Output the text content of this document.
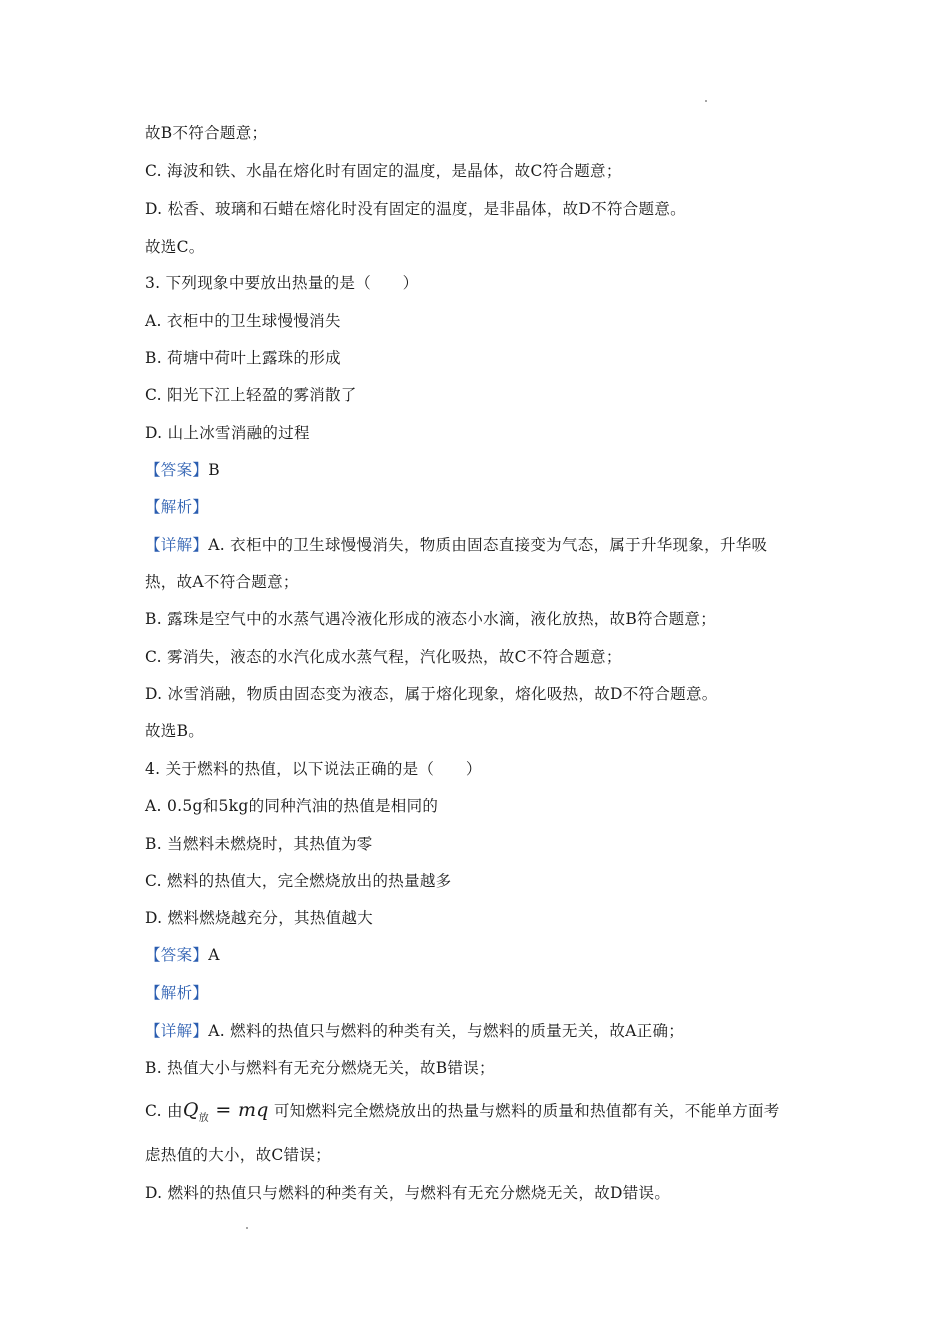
故B不符合题意；
C. 海波和铁、水晶在熔化时有固定的温度，是晶体，故C符合题意；
D. 松香、玻璃和石蜡在熔化时没有固定的温度，是非晶体，故D不符合题意。
故选C。
3. 下列现象中要放出热量的是（　　）
A. 衣柜中的卫生球慢慢消失
B. 荷塘中荷叶上露珠的形成
C. 阳光下江上轻盈的雾消散了
D. 山上冰雪消融的过程
【答案】B
【解析】
【详解】A. 衣柜中的卫生球慢慢消失，物质由固态直接变为气态，属于升华现象，升华吸
热，故A不符合题意；
B. 露珠是空气中的水蒸气遇冷液化形成的液态小水滴，液化放热，故B符合题意；
C. 雾消失，液态的水汽化成水蒸气程，汽化吸热，故C不符合题意；
D. 冰雪消融，物质由固态变为液态，属于熔化现象，熔化吸热，故D不符合题意。
故选B。
4. 关于燃料的热值，以下说法正确的是（　　）
A. 0.5g和5kg的同种汽油的热值是相同的
B. 当燃料未燃烧时，其热值为零
C. 燃料的热值大，完全燃烧放出的热量越多
D. 燃料燃烧越充分，其热值越大
【答案】A
【解析】
【详解】A. 燃料的热值只与燃料的种类有关，与燃料的质量无关，故A正确；
B. 热值大小与燃料有无充分燃烧无关，故B错误；
C. 由$Q_放$ = mq 可知燃料完全燃烧放出的热量与燃料的质量和热值都有关，不能单方面考
虑热值的大小，故C错误；
D. 燃料的热值只与燃料的种类有关，与燃料有无充分燃烧无关，故D错误。
